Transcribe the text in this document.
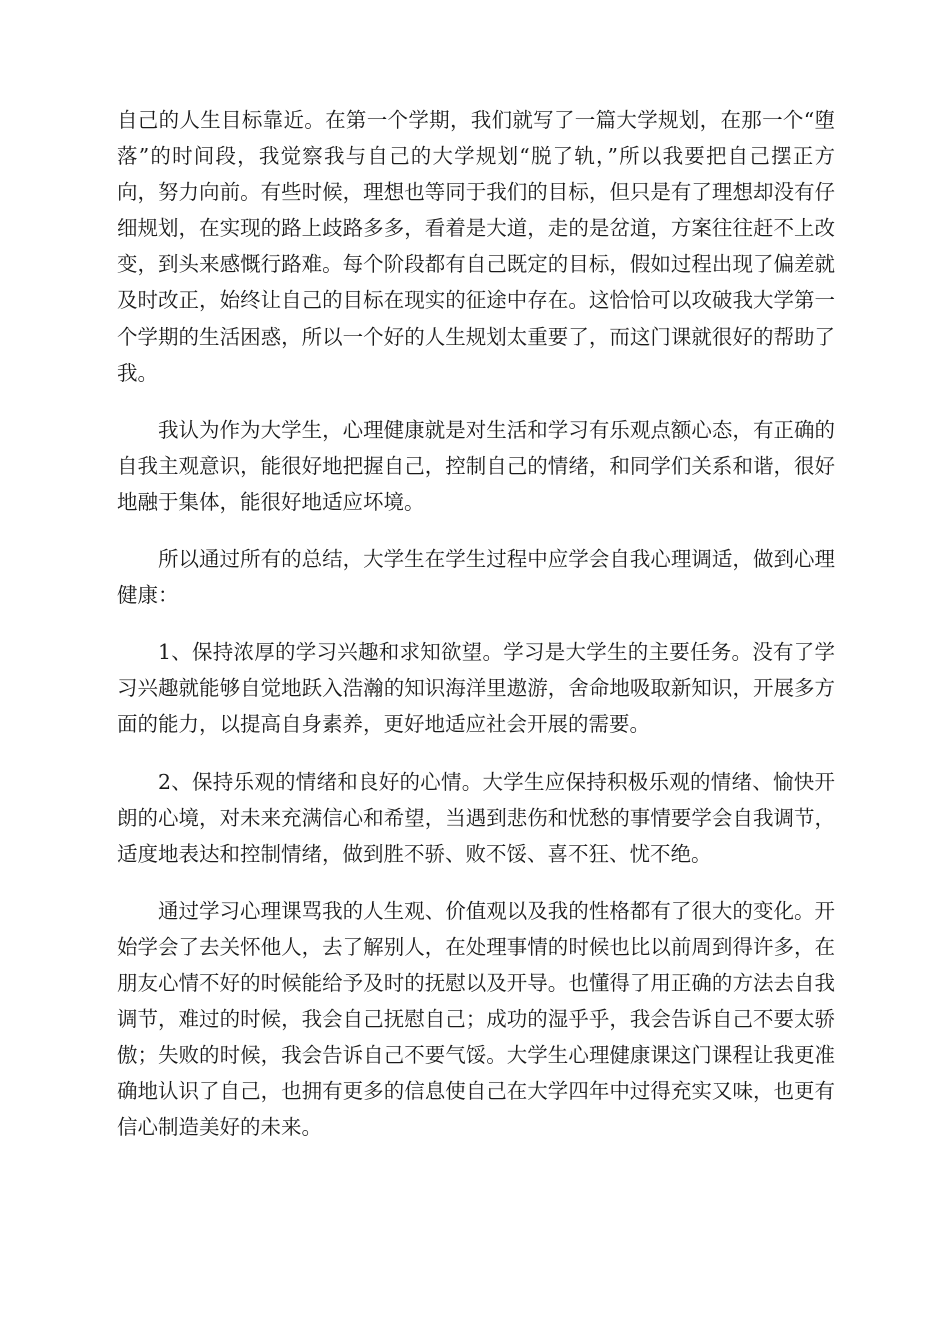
自己的人生目标靠近。在第一个学期，我们就写了一篇大学规划，在那一个“堕落”的时间段，我觉察我与自己的大学规划“脱了轨，”所以我要把自己摆正方向，努力向前。有些时候，理想也等同于我们的目标，但只是有了理想却没有仔细规划，在实现的路上歧路多多，看着是大道，走的是岔道，方案往往赶不上改变，到头来感慨行路难。每个阶段都有自己既定的目标，假如过程出现了偏差就及时改正，始终让自己的目标在现实的征途中存在。这恰恰可以攻破我大学第一个学期的生活困惑，所以一个好的人生规划太重要了，而这门课就很好的帮助了我。

我认为作为大学生，心理健康就是对生活和学习有乐观点额心态，有正确的自我主观意识，能很好地把握自己，控制自己的情绪，和同学们关系和谐，很好地融于集体，能很好地适应坏境。

所以通过所有的总结，大学生在学生过程中应学会自我心理调适，做到心理健康：

1、保持浓厚的学习兴趣和求知欲望。学习是大学生的主要任务。没有了学习兴趣就能够自觉地跃入浩瀚的知识海洋里遨游，舍命地吸取新知识，开展多方面的能力，以提高自身素养，更好地适应社会开展的需要。

2、保持乐观的情绪和良好的心情。大学生应保持积极乐观的情绪、愉快开朗的心境，对未来充满信心和希望，当遇到悲伤和忧愁的事情要学会自我调节，适度地表达和控制情绪，做到胜不骄、败不馁、喜不狂、忧不绝。

通过学习心理课骂我的人生观、价值观以及我的性格都有了很大的变化。开始学会了去关怀他人，去了解别人，在处理事情的时候也比以前周到得许多，在朋友心情不好的时候能给予及时的抚慰以及开导。也懂得了用正确的方法去自我调节，难过的时候，我会自己抚慰自己；成功的湿乎乎，我会告诉自己不要太骄傲；失败的时候，我会告诉自己不要气馁。大学生心理健康课这门课程让我更准确地认识了自己，也拥有更多的信息使自己在大学四年中过得充实又味，也更有信心制造美好的未来。
